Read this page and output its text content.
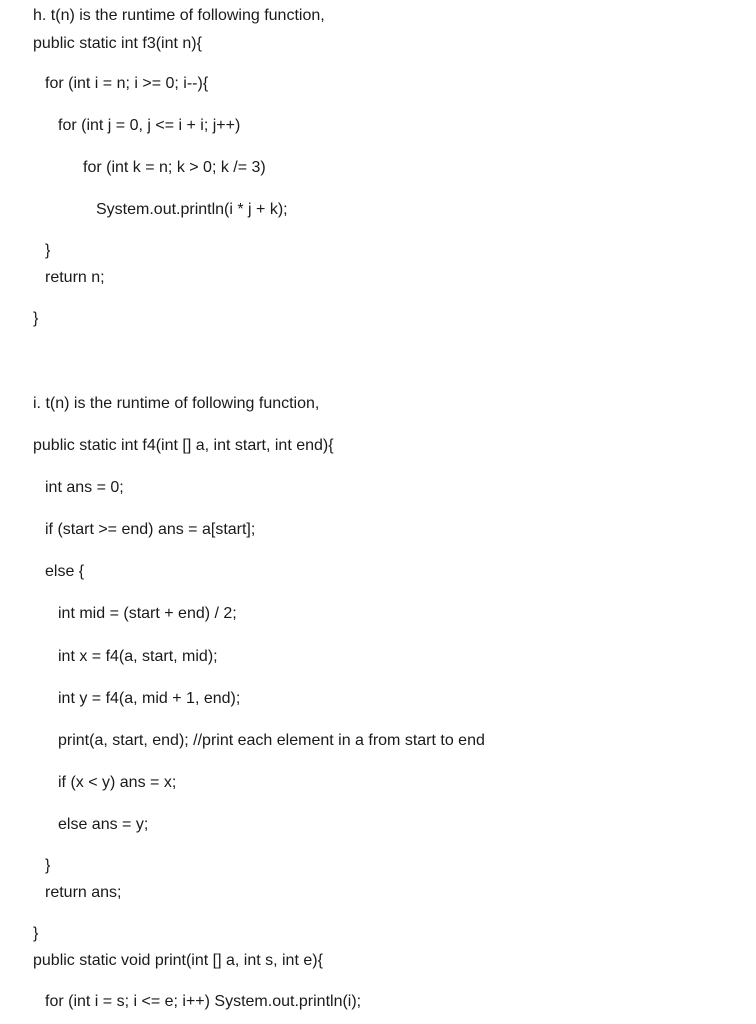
h. t(n) is the runtime of following function,
public static int f3(int n){
for (int i = n; i >= 0; i--){
for (int j = 0, j <= i + i; j++)
for (int k = n; k > 0; k /= 3)
System.out.println(i * j + k);
}
return n;
}
i. t(n) is the runtime of following function,
public static int f4(int [] a, int start, int end){
int ans = 0;
if (start >= end) ans = a[start];
else {
int mid = (start + end) / 2;
int x = f4(a, start, mid);
int y = f4(a, mid + 1, end);
print(a, start, end); //print each element in a from start to end
if (x < y) ans = x;
else ans = y;
}
return ans;
}
public static void print(int [] a, int s, int e){
for (int i = s; i <= e; i++) System.out.println(i);
